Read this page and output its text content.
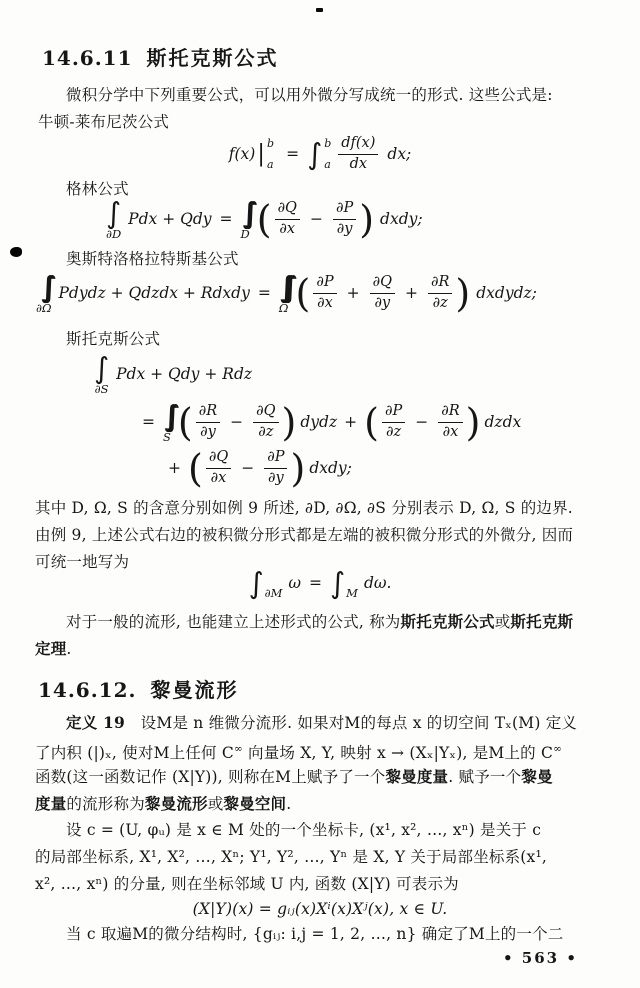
14.6.11 斯托克斯公式
微积分学中下列重要公式，可以用外微分写成统一的形式. 这些公式是:
牛顿-莱布尼茨公式
f(x) | b
a
= ∫ b
a $\frac{df(x)}{dx}$ dx;
格林公式
∫
∂D
Pdx + Qdy = ∫∫
D ( $\frac{\partial Q}{\partial x} - \frac{\partial P}{\partial y}$ ) dxdy;
奥斯特洛格拉特斯基公式
∫∫
∂Ω
Pdydz + Qdzdx + Rdxdy = ∫∫∫
Ω ( $\frac{\partial P}{\partial x} + \frac{\partial Q}{\partial y} + \frac{\partial R}{\partial z}$ ) dxdydz;
斯托克斯公式
∫
∂S
Pdx + Qdy + Rdz
= ∫∫
S ( $\frac{\partial R}{\partial y} - \frac{\partial Q}{\partial z}$ ) dydz + ( $\frac{\partial P}{\partial z} - \frac{\partial R}{\partial x}$ ) dzdx
+ ( $\frac{\partial Q}{\partial x} - \frac{\partial P}{\partial y}$ ) dxdy;
其中 D, Ω, S 的含意分别如例 9 所述, ∂D, ∂Ω, ∂S 分别表示 D, Ω, S 的边界.
由例 9, 上述公式右边的被积微分形式都是左端的被积微分形式的外微分, 因而
可统一地写为
∫ ∂M
ω = ∫ M
dω.
对于一般的流形, 也能建立上述形式的公式, 称为斯托克斯公式或斯托克斯
定理.
14.6.12. 黎曼流形
定义 19　设M是 n 维微分流形. 如果对M的每点 x 的切空间 Tₓ(M) 定义
了内积 (|)ₓ, 使对M上任何 C∞ 向量场 X, Y, 映射 x → (Xₓ|Yₓ), 是M上的 C∞
函数(这一函数记作 (X|Y)), 则称在M上赋予了一个黎曼度量. 赋予一个黎曼
度量的流形称为黎曼流形或黎曼空间.
设 c = (U, φᵤ) 是 x ∈ M 处的一个坐标卡, (x¹, x², …, xⁿ) 是关于 c
的局部坐标系, X¹, X², …, Xⁿ; Y¹, Y², …, Yⁿ 是 X, Y 关于局部坐标系(x¹,
x², …, xⁿ) 的分量, 则在坐标邻域 U 内, 函数 (X|Y) 可表示为
(X|Y)(x) = gᵢⱼ(x)Xⁱ(x)Xʲ(x), x ∈ U.
当 c 取遍M的微分结构时, {gᵢⱼ: i,j = 1, 2, …, n} 确定了M上的一个二
• 563 •
